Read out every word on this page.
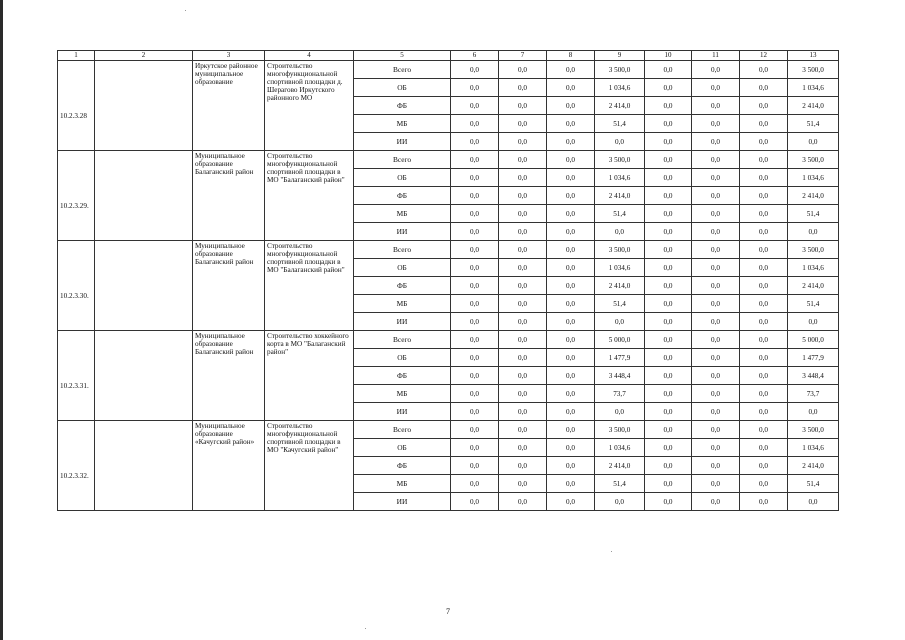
1	2	3	4	5	6	7	8	9	10	11	12	13
10.2.3.28		Иркутское районное муниципальное образование	Строительство многофункциональной спортивной площадки д. Шерагово Иркутского районного МО	Всего	0,0	0,0	0,0	3 500,0	0,0	0,0	0,0	3 500,0
				ОБ	0,0	0,0	0,0	1 034,6	0,0	0,0	0,0	1 034,6
				ФБ	0,0	0,0	0,0	2 414,0	0,0	0,0	0,0	2 414,0
				МБ	0,0	0,0	0,0	51,4	0,0	0,0	0,0	51,4
				ИИ	0,0	0,0	0,0	0,0	0,0	0,0	0,0	0,0
10.2.3.29.		Муниципальное образование Балаганский район	Строительство многофункциональной спортивной площадки в МО "Балаганский район"	Всего	0,0	0,0	0,0	3 500,0	0,0	0,0	0,0	3 500,0
				ОБ	0,0	0,0	0,0	1 034,6	0,0	0,0	0,0	1 034,6
				ФБ	0,0	0,0	0,0	2 414,0	0,0	0,0	0,0	2 414,0
				МБ	0,0	0,0	0,0	51,4	0,0	0,0	0,0	51,4
				ИИ	0,0	0,0	0,0	0,0	0,0	0,0	0,0	0,0
10.2.3.30.		Муниципальное образование Балаганский район	Строительство многофункциональной спортивной площадки в МО "Балаганский район"	Всего	0,0	0,0	0,0	3 500,0	0,0	0,0	0,0	3 500,0
				ОБ	0,0	0,0	0,0	1 034,6	0,0	0,0	0,0	1 034,6
				ФБ	0,0	0,0	0,0	2 414,0	0,0	0,0	0,0	2 414,0
				МБ	0,0	0,0	0,0	51,4	0,0	0,0	0,0	51,4
				ИИ	0,0	0,0	0,0	0,0	0,0	0,0	0,0	0,0
10.2.3.31.		Муниципальное образование Балаганский район	Строительство хоккейного корта в МО "Балаганский район"	Всего	0,0	0,0	0,0	5 000,0	0,0	0,0	0,0	5 000,0
				ОБ	0,0	0,0	0,0	1 477,9	0,0	0,0	0,0	1 477,9
				ФБ	0,0	0,0	0,0	3 448,4	0,0	0,0	0,0	3 448,4
				МБ	0,0	0,0	0,0	73,7	0,0	0,0	0,0	73,7
				ИИ	0,0	0,0	0,0	0,0	0,0	0,0	0,0	0,0
10.2.3.32.		Муниципальное образование «Качугский район»	Строительство многофункциональной спортивной площадки в МО "Качугский район"	Всего	0,0	0,0	0,0	3 500,0	0,0	0,0	0,0	3 500,0
				ОБ	0,0	0,0	0,0	1 034,6	0,0	0,0	0,0	1 034,6
				ФБ	0,0	0,0	0,0	2 414,0	0,0	0,0	0,0	2 414,0
				МБ	0,0	0,0	0,0	51,4	0,0	0,0	0,0	51,4
				ИИ	0,0	0,0	0,0	0,0	0,0	0,0	0,0	0,0
7
